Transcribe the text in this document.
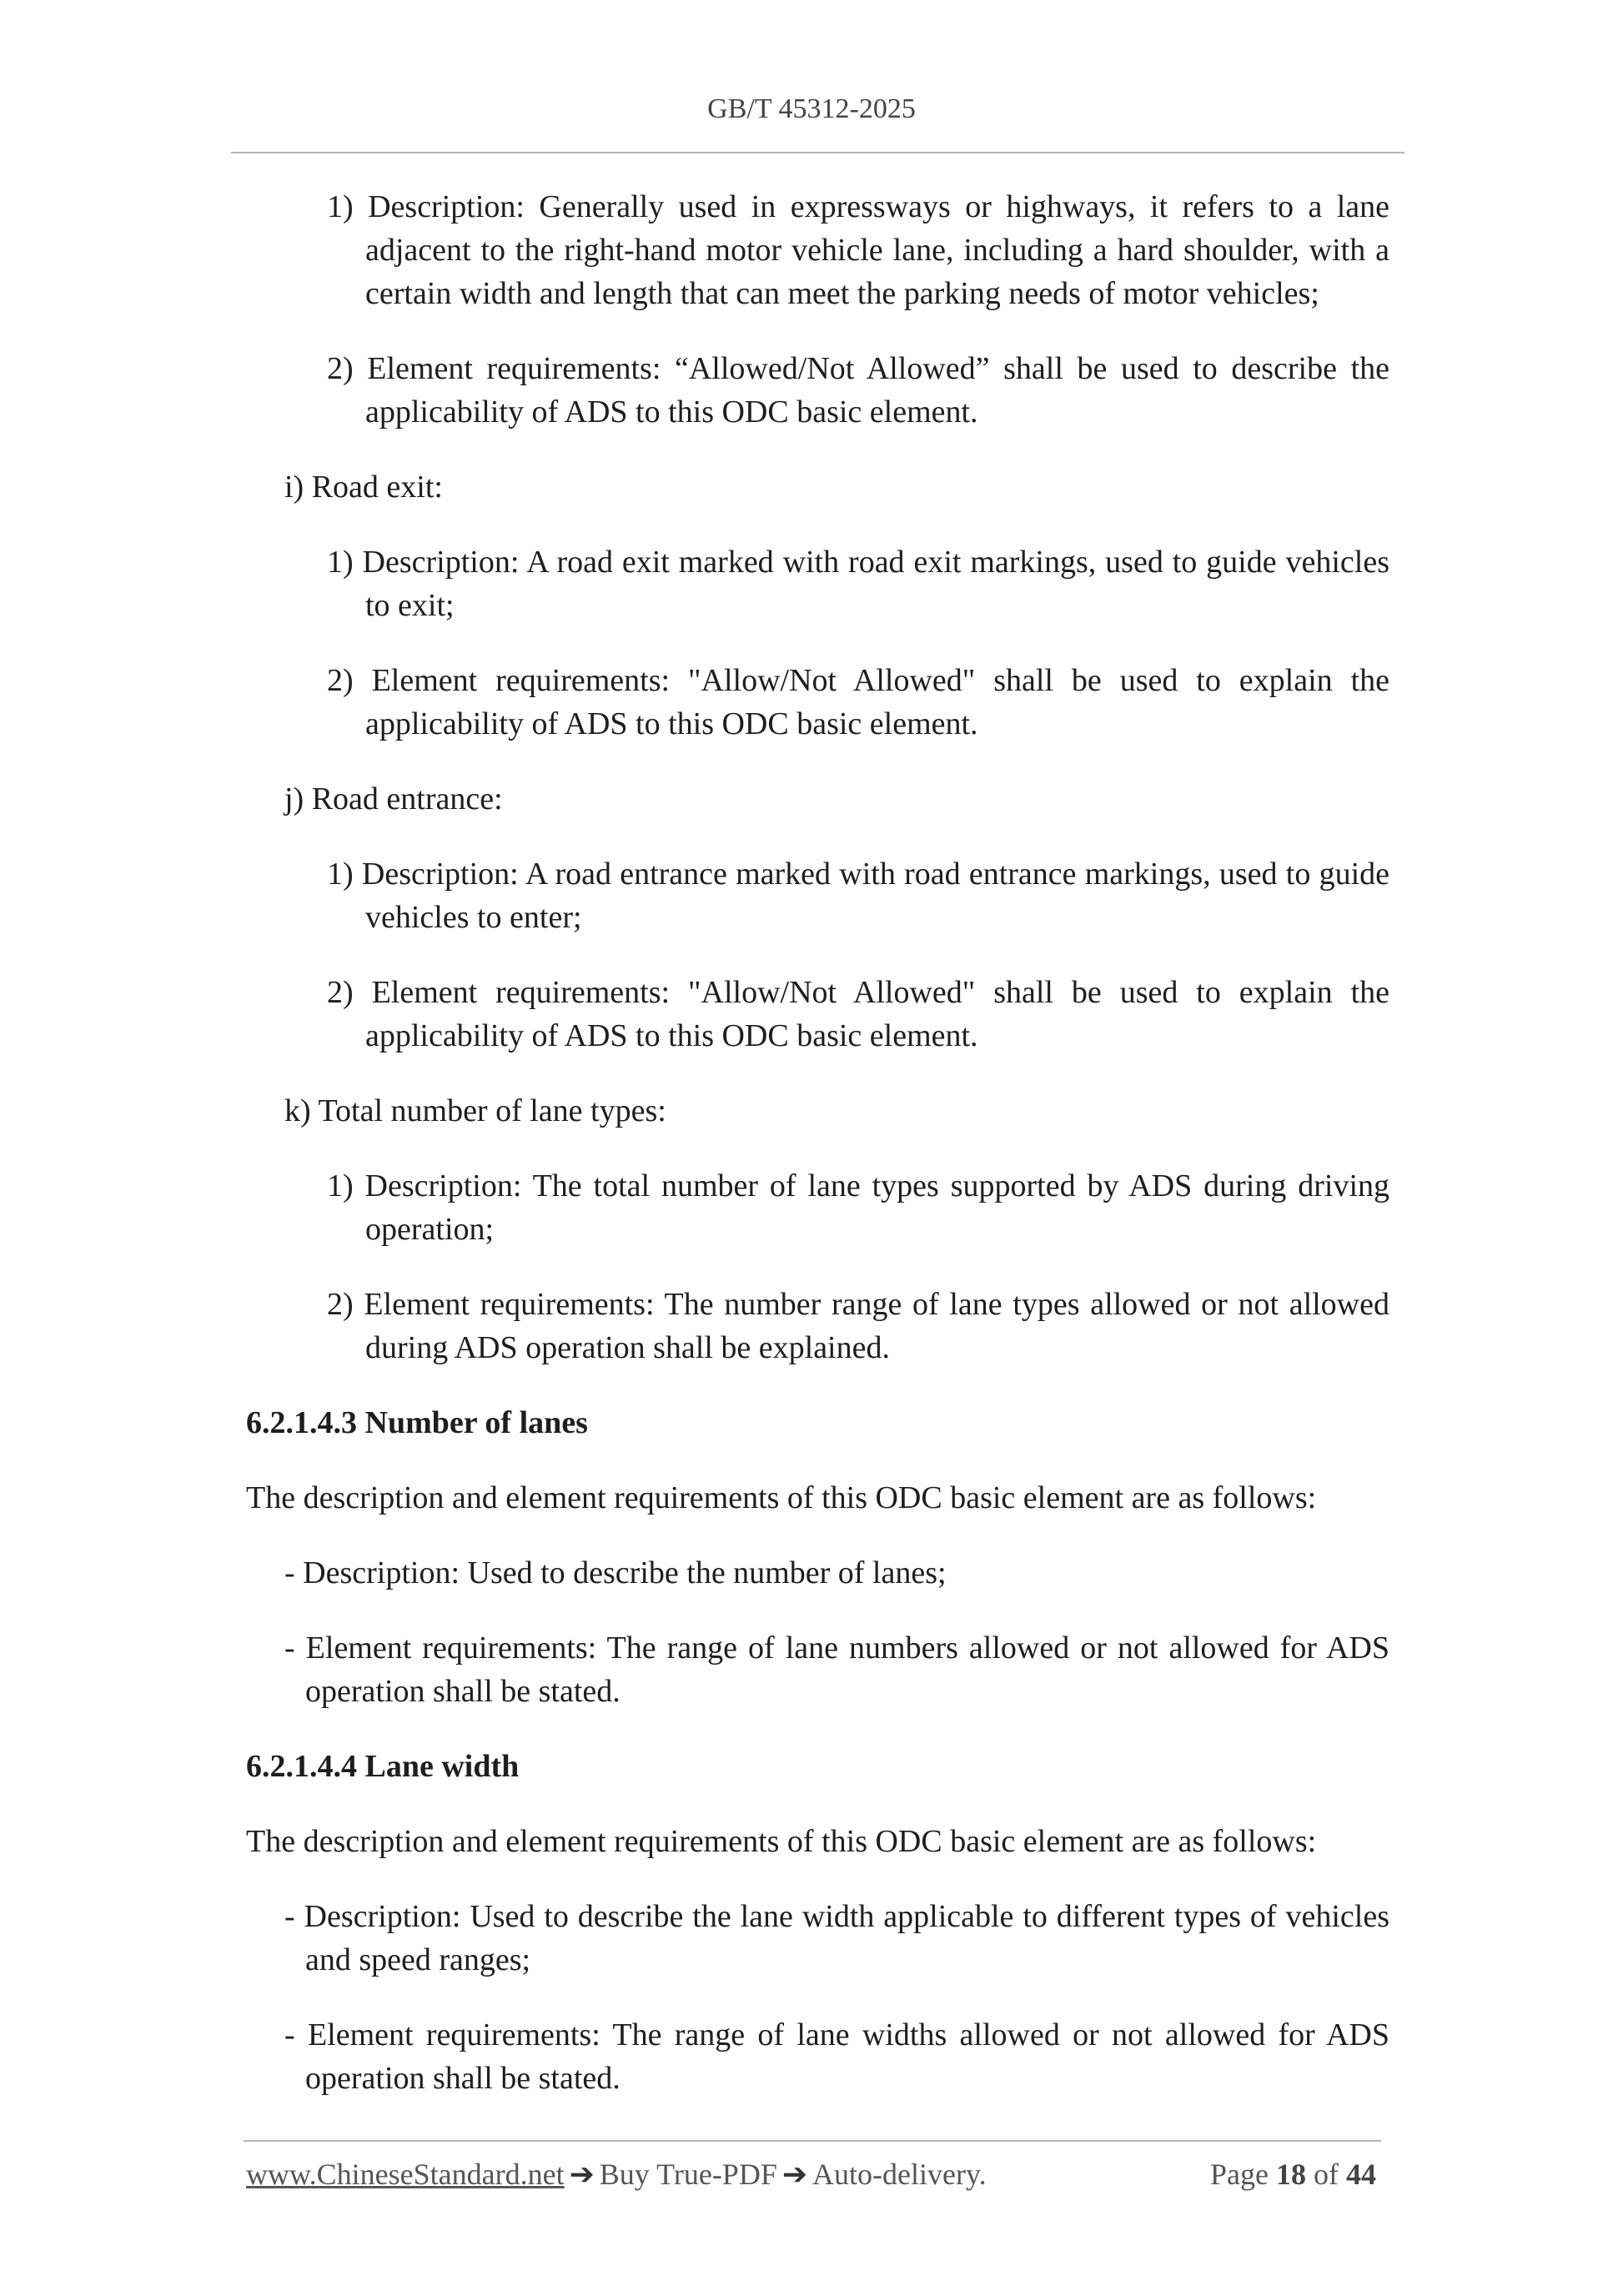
GB/T 45312-2025

1) Description: Generally used in expressways or highways, it refers to a lane adjacent to the right-hand motor vehicle lane, including a hard shoulder, with a certain width and length that can meet the parking needs of motor vehicles;

2) Element requirements: “Allowed/Not Allowed” shall be used to describe the applicability of ADS to this ODC basic element.

i) Road exit:

1) Description: A road exit marked with road exit markings, used to guide vehicles to exit;

2) Element requirements: "Allow/Not Allowed" shall be used to explain the applicability of ADS to this ODC basic element.

j) Road entrance:

1) Description: A road entrance marked with road entrance markings, used to guide vehicles to enter;

2) Element requirements: "Allow/Not Allowed" shall be used to explain the applicability of ADS to this ODC basic element.

k) Total number of lane types:

1) Description: The total number of lane types supported by ADS during driving operation;

2) Element requirements: The number range of lane types allowed or not allowed during ADS operation shall be explained.

6.2.1.4.3 Number of lanes

The description and element requirements of this ODC basic element are as follows:

- Description: Used to describe the number of lanes;

- Element requirements: The range of lane numbers allowed or not allowed for ADS operation shall be stated.

6.2.1.4.4 Lane width

The description and element requirements of this ODC basic element are as follows:

- Description: Used to describe the lane width applicable to different types of vehicles and speed ranges;

- Element requirements: The range of lane widths allowed or not allowed for ADS operation shall be stated.

www.ChineseStandard.net ➔ Buy True-PDF ➔ Auto-delivery.	Page 18 of 44
